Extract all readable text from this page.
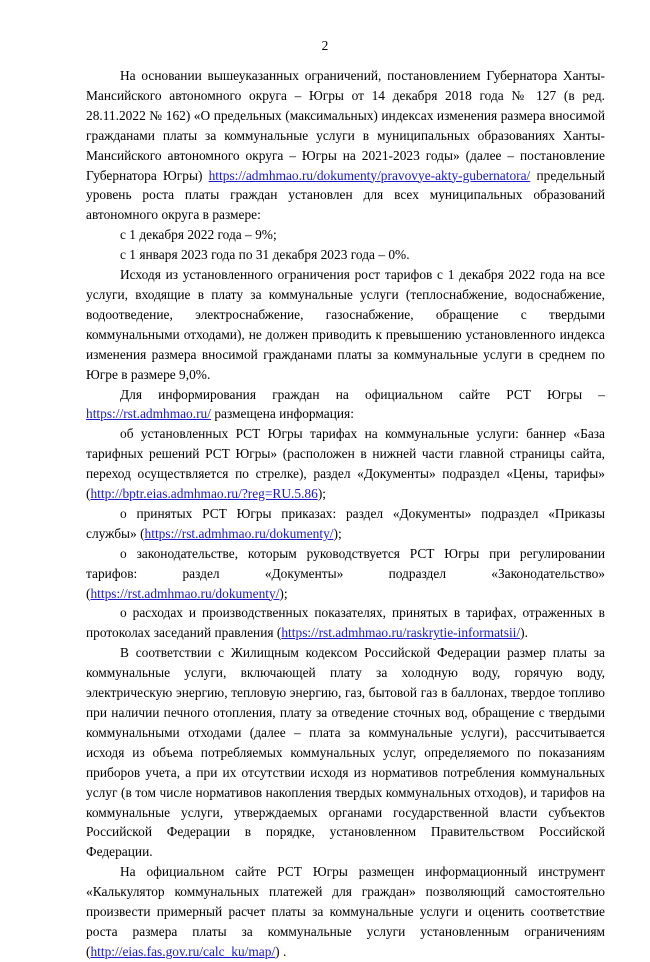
2

На основании вышеуказанных ограничений, постановлением Губернатора Ханты-Мансийского автономного округа – Югры от 14 декабря 2018 года № 127 (в ред. 28.11.2022 № 162) «О предельных (максимальных) индексах изменения размера вносимой гражданами платы за коммунальные услуги в муниципальных образованиях Ханты-Мансийского автономного округа – Югры на 2021-2023 годы» (далее – постановление Губернатора Югры) https://admhmao.ru/dokumenty/pravovye-akty-gubernatora/ предельный уровень роста платы граждан установлен для всех муниципальных образований автономного округа в размере:

с 1 декабря 2022 года – 9%;

с 1 января 2023 года по 31 декабря 2023 года – 0%.

Исходя из установленного ограничения рост тарифов с 1 декабря 2022 года на все услуги, входящие в плату за коммунальные услуги (теплоснабжение, водоснабжение, водоотведение, электроснабжение, газоснабжение, обращение с твердыми коммунальными отходами), не должен приводить к превышению установленного индекса изменения размера вносимой гражданами платы за коммунальные услуги в среднем по Югре в размере 9,0%.

Для информирования граждан на официальном сайте РСТ Югры – https://rst.admhmao.ru/ размещена информация:

об установленных РСТ Югры тарифах на коммунальные услуги: баннер «База тарифных решений РСТ Югры» (расположен в нижней части главной страницы сайта, переход осуществляется по стрелке), раздел «Документы» подраздел «Цены, тарифы» (http://bptr.eias.admhmao.ru/?reg=RU.5.86);

о принятых РСТ Югры приказах: раздел «Документы» подраздел «Приказы службы» (https://rst.admhmao.ru/dokumenty/);

о законодательстве, которым руководствуется РСТ Югры при регулировании тарифов: раздел «Документы» подраздел «Законодательство» (https://rst.admhmao.ru/dokumenty/);

о расходах и производственных показателях, принятых в тарифах, отраженных в протоколах заседаний правления (https://rst.admhmao.ru/raskrytie-informatsii/).

В соответствии с Жилищным кодексом Российской Федерации размер платы за коммунальные услуги, включающей плату за холодную воду, горячую воду, электрическую энергию, тепловую энергию, газ, бытовой газ в баллонах, твердое топливо при наличии печного отопления, плату за отведение сточных вод, обращение с твердыми коммунальными отходами (далее – плата за коммунальные услуги), рассчитывается исходя из объема потребляемых коммунальных услуг, определяемого по показаниям приборов учета, а при их отсутствии исходя из нормативов потребления коммунальных услуг (в том числе нормативов накопления твердых коммунальных отходов), и тарифов на коммунальные услуги, утверждаемых органами государственной власти субъектов Российской Федерации в порядке, установленном Правительством Российской Федерации.

На официальном сайте РСТ Югры размещен информационный инструмент «Калькулятор коммунальных платежей для граждан» позволяющий самостоятельно произвести примерный расчет платы за коммунальные услуги и оценить соответствие роста размера платы за коммунальные услуги установленным ограничениям (http://eias.fas.gov.ru/calc_ku/map/) .
